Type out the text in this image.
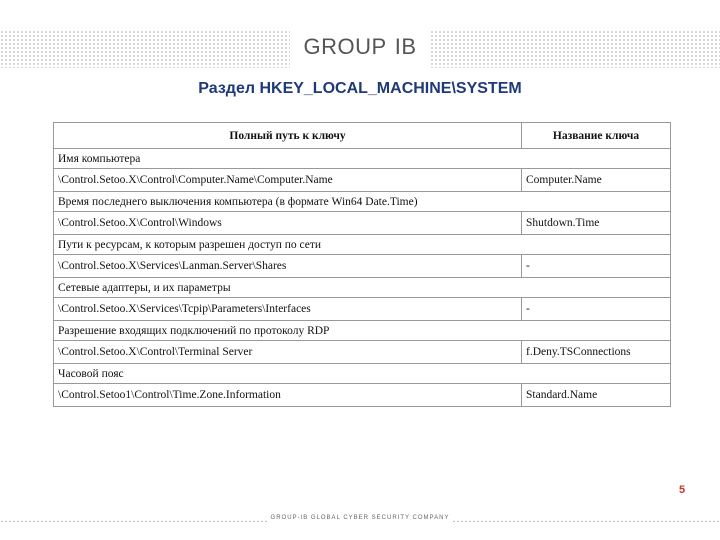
GROUP IB
Раздел HKEY_LOCAL_MACHINE\SYSTEM
Полный путь к ключу	Название ключа
Имя компьютера	
\Control.Setoo.X\Control\Computer.Name\Computer.Name	Computer.Name
Время последнего выключения компьютера (в формате Win64 Date.Time)	
\Control.Setoo.X\Control\Windows	Shutdown.Time
Пути к ресурсам, к которым разрешен доступ по сети	
\Control.Setoo.X\Services\Lanman.Server\Shares	-
Сетевые адаптеры, и их параметры	
\Control.Setoo.X\Services\Tcpip\Parameters\Interfaces	-
Разрешение входящих подключений по протоколу RDP	
\Control.Setoo.X\Control\Terminal Server	f.Deny.TSConnections
Часовой пояс	
\Control.Setoo1\Control\Time.Zone.Information	Standard.Name
5
GROUP-IB GLOBAL CYBER SECURITY COMPANY
